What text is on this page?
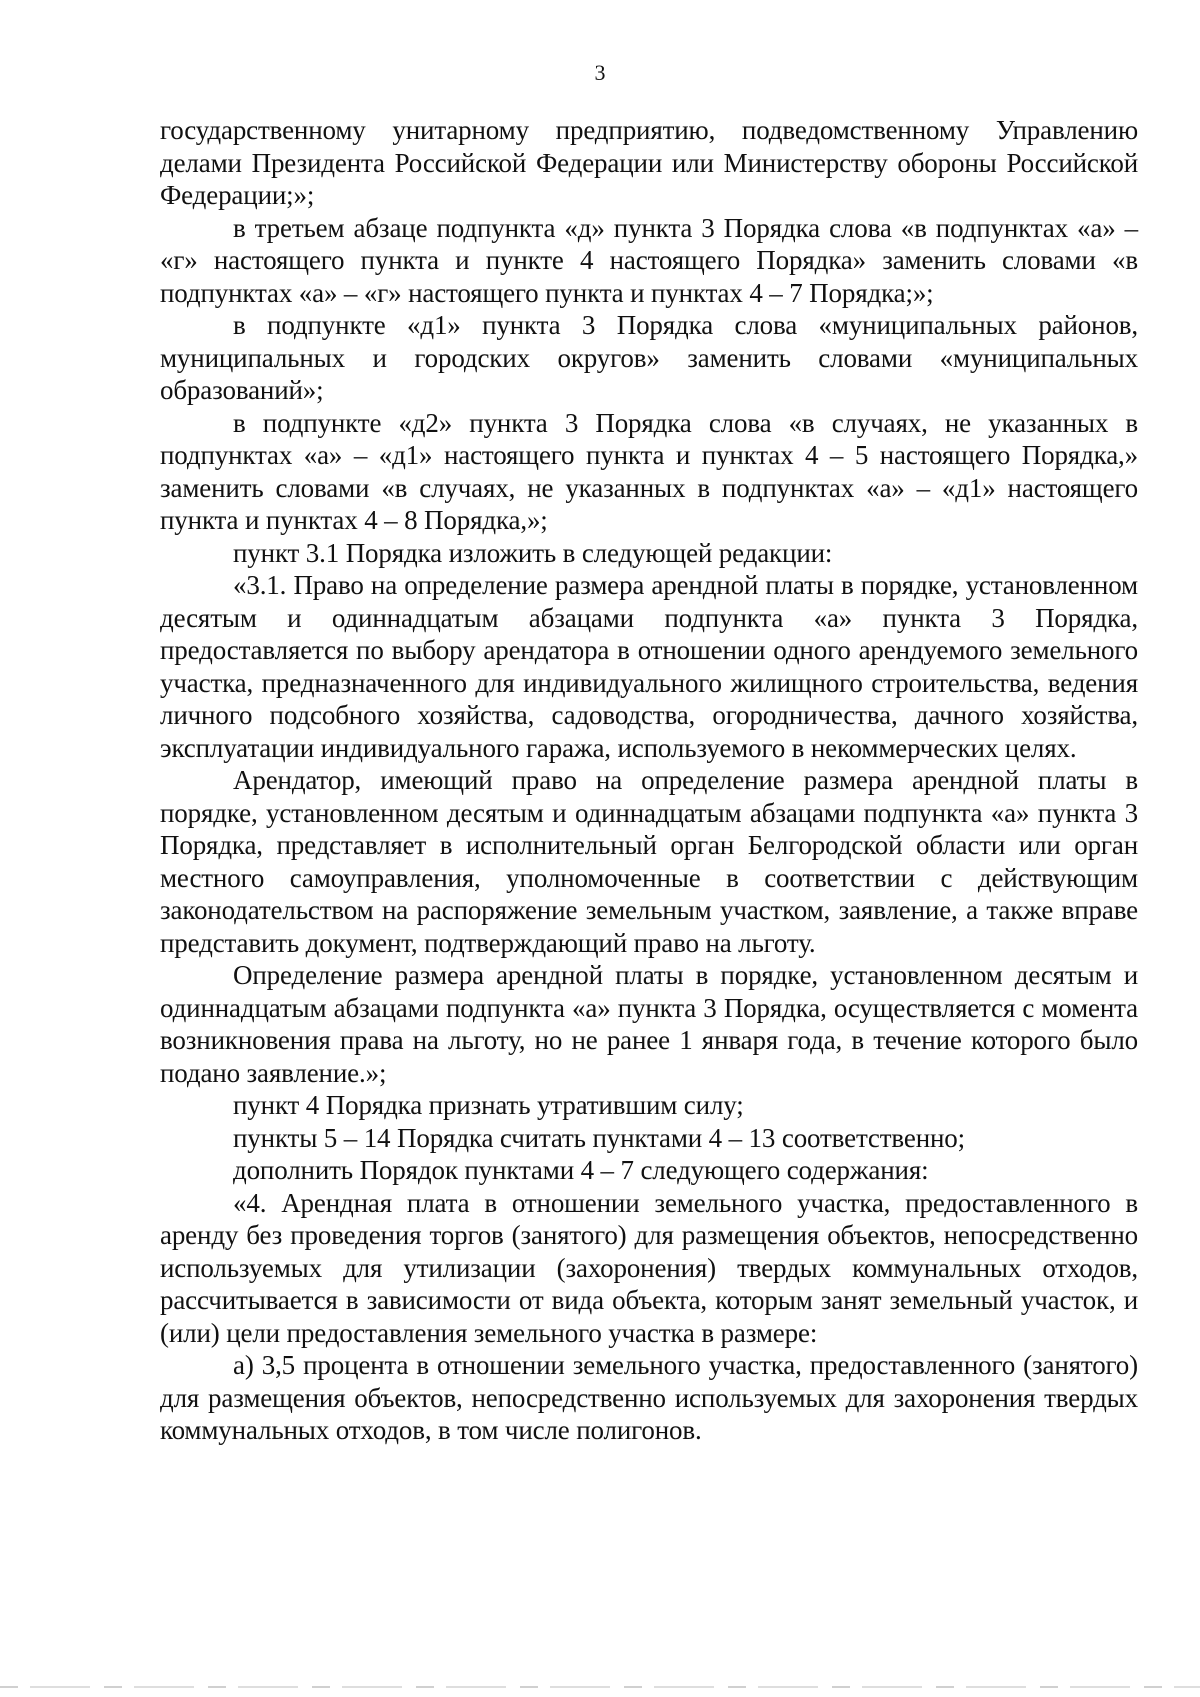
3

государственному унитарному предприятию, подведомственному Управлению делами Президента Российской Федерации или Министерству обороны Российской Федерации;»;

в третьем абзаце подпункта «д» пункта 3 Порядка слова «в подпунктах «а» – «г» настоящего пункта и пункте 4 настоящего Порядка» заменить словами «в подпунктах «а» – «г» настоящего пункта и пунктах 4 – 7 Порядка;»;

в подпункте «д1» пункта 3 Порядка слова «муниципальных районов, муниципальных и городских округов» заменить словами «муниципальных образований»;

в подпункте «д2» пункта 3 Порядка слова «в случаях, не указанных в подпунктах «а» – «д1» настоящего пункта и пунктах 4 – 5 настоящего Порядка,» заменить словами «в случаях, не указанных в подпунктах «а» – «д1» настоящего пункта и пунктах 4 – 8 Порядка,»;

пункт 3.1 Порядка изложить в следующей редакции:

«3.1. Право на определение размера арендной платы в порядке, установленном десятым и одиннадцатым абзацами подпункта «а» пункта 3 Порядка, предоставляется по выбору арендатора в отношении одного арендуемого земельного участка, предназначенного для индивидуального жилищного строительства, ведения личного подсобного хозяйства, садоводства, огородничества, дачного хозяйства, эксплуатации индивидуального гаража, используемого в некоммерческих целях.

Арендатор, имеющий право на определение размера арендной платы в порядке, установленном десятым и одиннадцатым абзацами подпункта «а» пункта 3 Порядка, представляет в исполнительный орган Белгородской области или орган местного самоуправления, уполномоченные в соответствии с действующим законодательством на распоряжение земельным участком, заявление, а также вправе представить документ, подтверждающий право на льготу.

Определение размера арендной платы в порядке, установленном десятым и одиннадцатым абзацами подпункта «а» пункта 3 Порядка, осуществляется с момента возникновения права на льготу, но не ранее 1 января года, в течение которого было подано заявление.»;

пункт 4 Порядка признать утратившим силу;

пункты 5 – 14 Порядка считать пунктами 4 – 13 соответственно;

дополнить Порядок пунктами 4 – 7 следующего содержания:

«4. Арендная плата в отношении земельного участка, предоставленного в аренду без проведения торгов (занятого) для размещения объектов, непосредственно используемых для утилизации (захоронения) твердых коммунальных отходов, рассчитывается в зависимости от вида объекта, которым занят земельный участок, и (или) цели предоставления земельного участка в размере:

а) 3,5 процента в отношении земельного участка, предоставленного (занятого) для размещения объектов, непосредственно используемых для захоронения твердых коммунальных отходов, в том числе полигонов.
